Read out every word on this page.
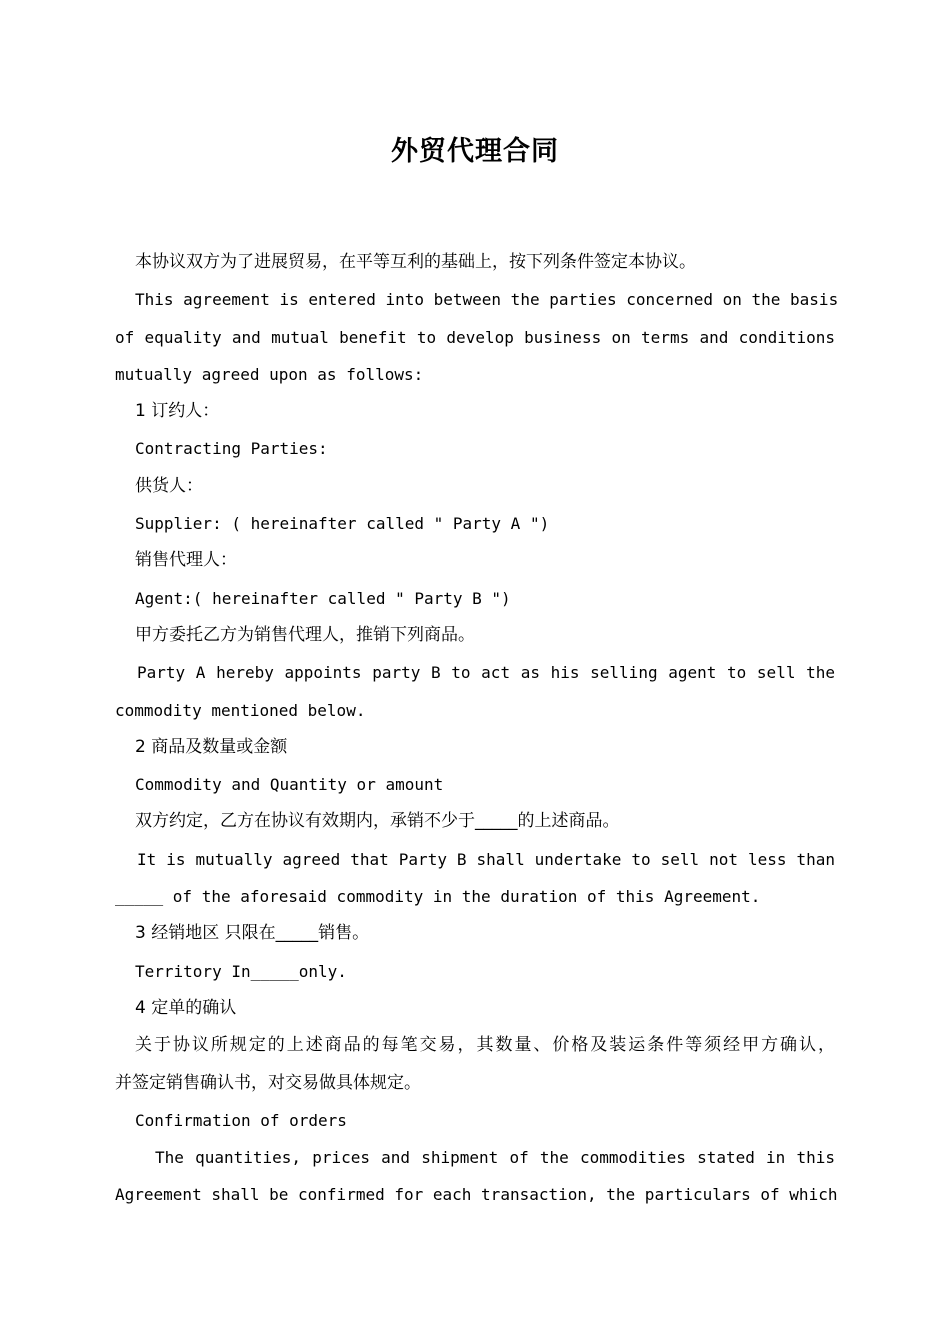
外贸代理合同
本协议双方为了进展贸易，在平等互利的基础上，按下列条件签定本协议。
This agreement is entered into between the parties concerned on the basis
of equality and mutual benefit to develop business on terms and conditions
mutually agreed upon as follows:
1 订约人：
Contracting Parties:
供货人：
Supplier: ( hereinafter called " Party A ")
销售代理人：
Agent:( hereinafter called " Party B ")
甲方委托乙方为销售代理人，推销下列商品。
Party A hereby appoints party B to act as his selling agent to sell the
commodity mentioned below.
2 商品及数量或金额
Commodity and Quantity or amount
双方约定，乙方在协议有效期内，承销不少于_____的上述商品。
It is mutually agreed that Party B shall undertake to sell not less than
_____ of the aforesaid commodity in the duration of this Agreement.
3 经销地区 只限在_____销售。
Territory In_____only.
4 定单的确认
关于协议所规定的上述商品的每笔交易，其数量、价格及装运条件等须经甲方确认，
并签定销售确认书，对交易做具体规定。
Confirmation of orders
The quantities, prices and shipment of the commodities stated in this
Agreement shall be confirmed for each transaction, the particulars of which
